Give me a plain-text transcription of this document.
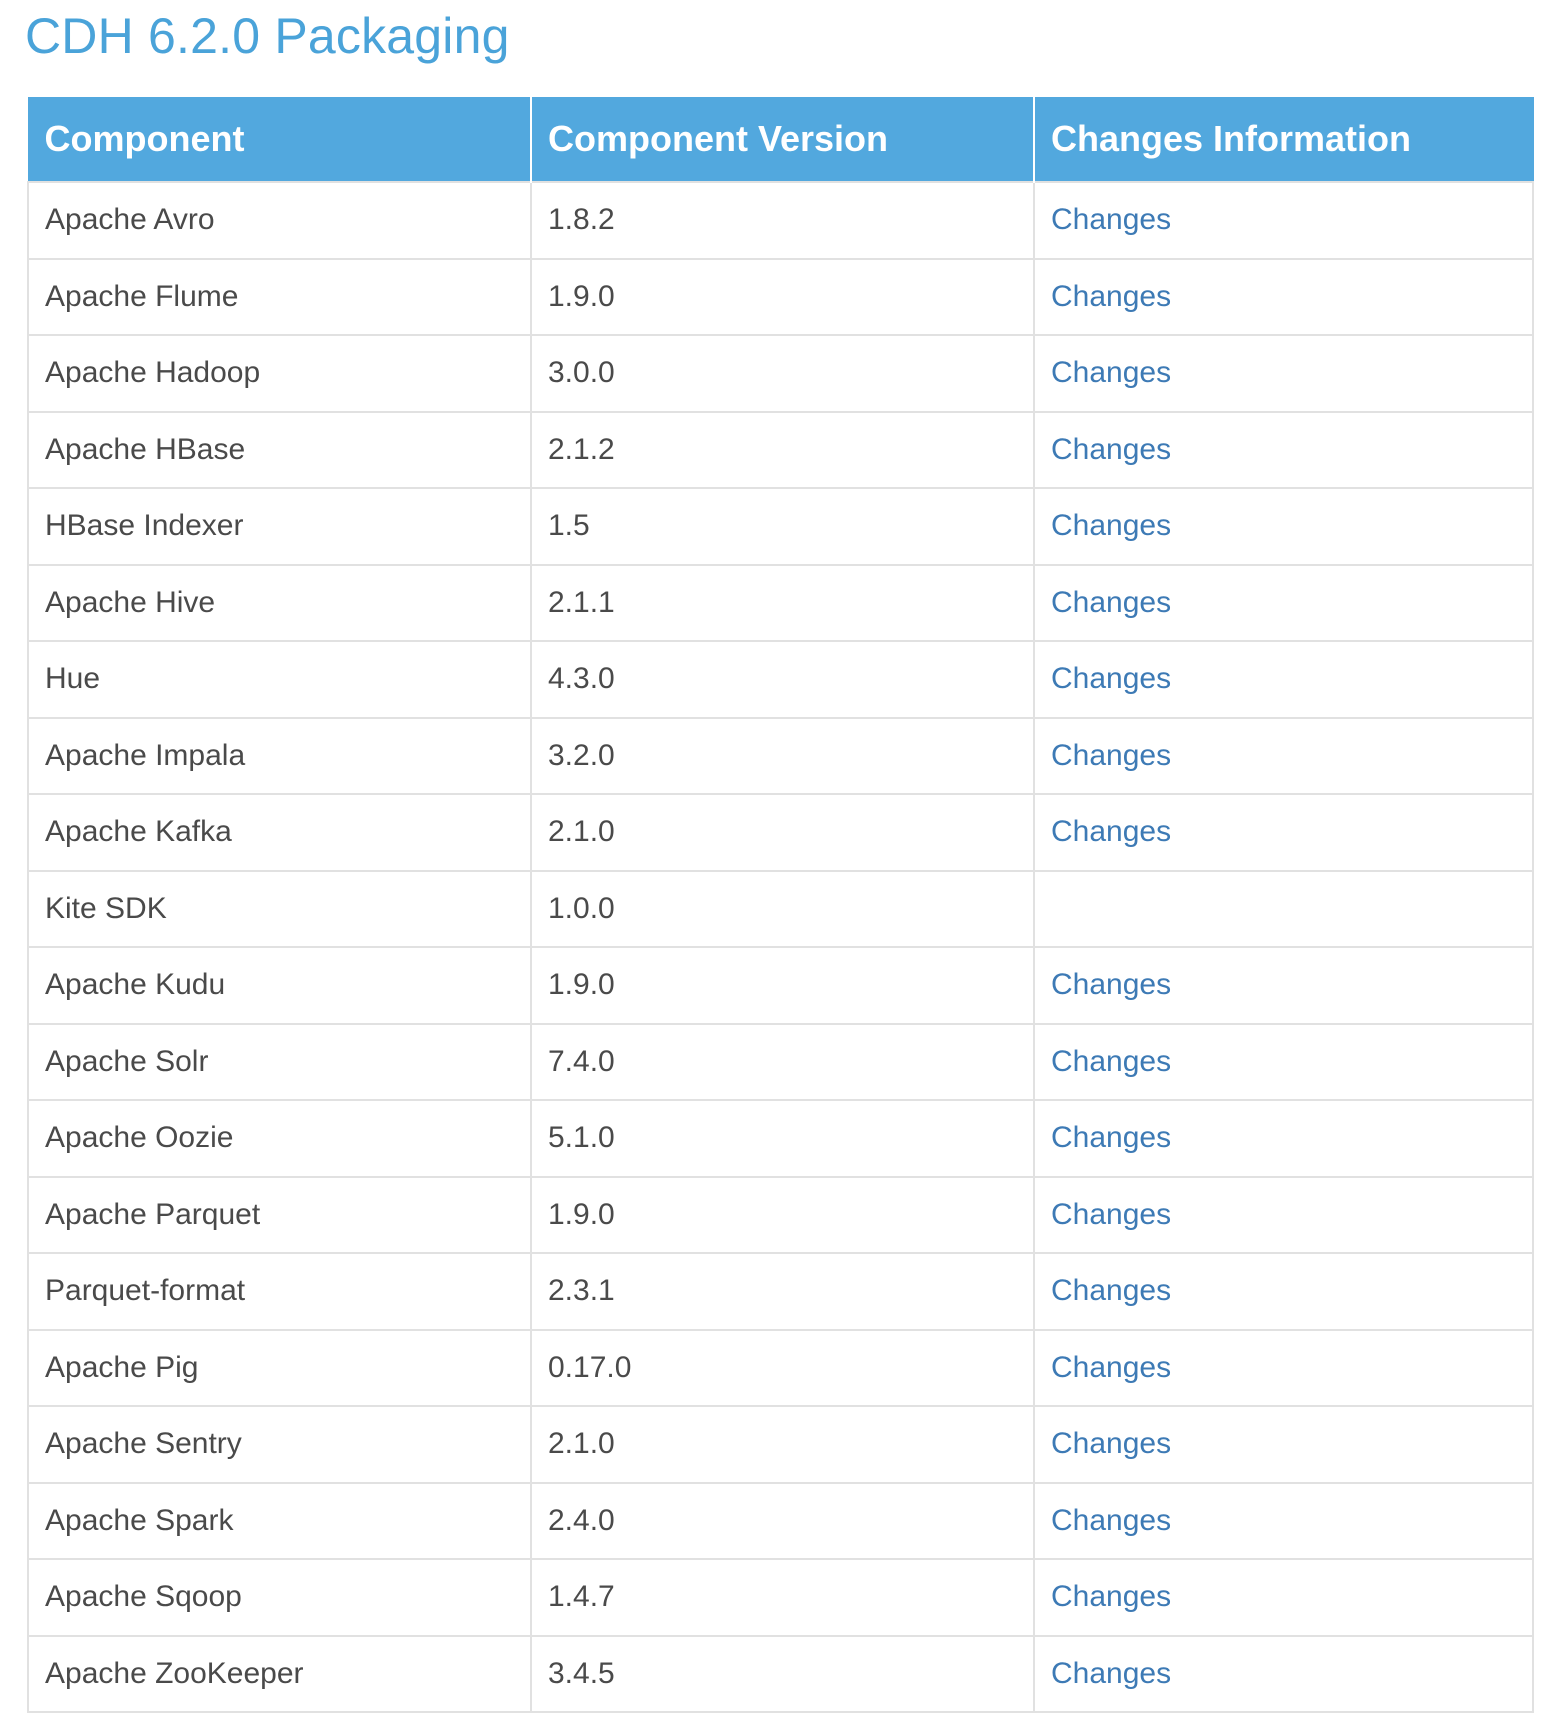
CDH 6.2.0 Packaging
Component	Component Version	Changes Information
Apache Avro	1.8.2	Changes
Apache Flume	1.9.0	Changes
Apache Hadoop	3.0.0	Changes
Apache HBase	2.1.2	Changes
HBase Indexer	1.5	Changes
Apache Hive	2.1.1	Changes
Hue	4.3.0	Changes
Apache Impala	3.2.0	Changes
Apache Kafka	2.1.0	Changes
Kite SDK	1.0.0	
Apache Kudu	1.9.0	Changes
Apache Solr	7.4.0	Changes
Apache Oozie	5.1.0	Changes
Apache Parquet	1.9.0	Changes
Parquet-format	2.3.1	Changes
Apache Pig	0.17.0	Changes
Apache Sentry	2.1.0	Changes
Apache Spark	2.4.0	Changes
Apache Sqoop	1.4.7	Changes
Apache ZooKeeper	3.4.5	Changes
